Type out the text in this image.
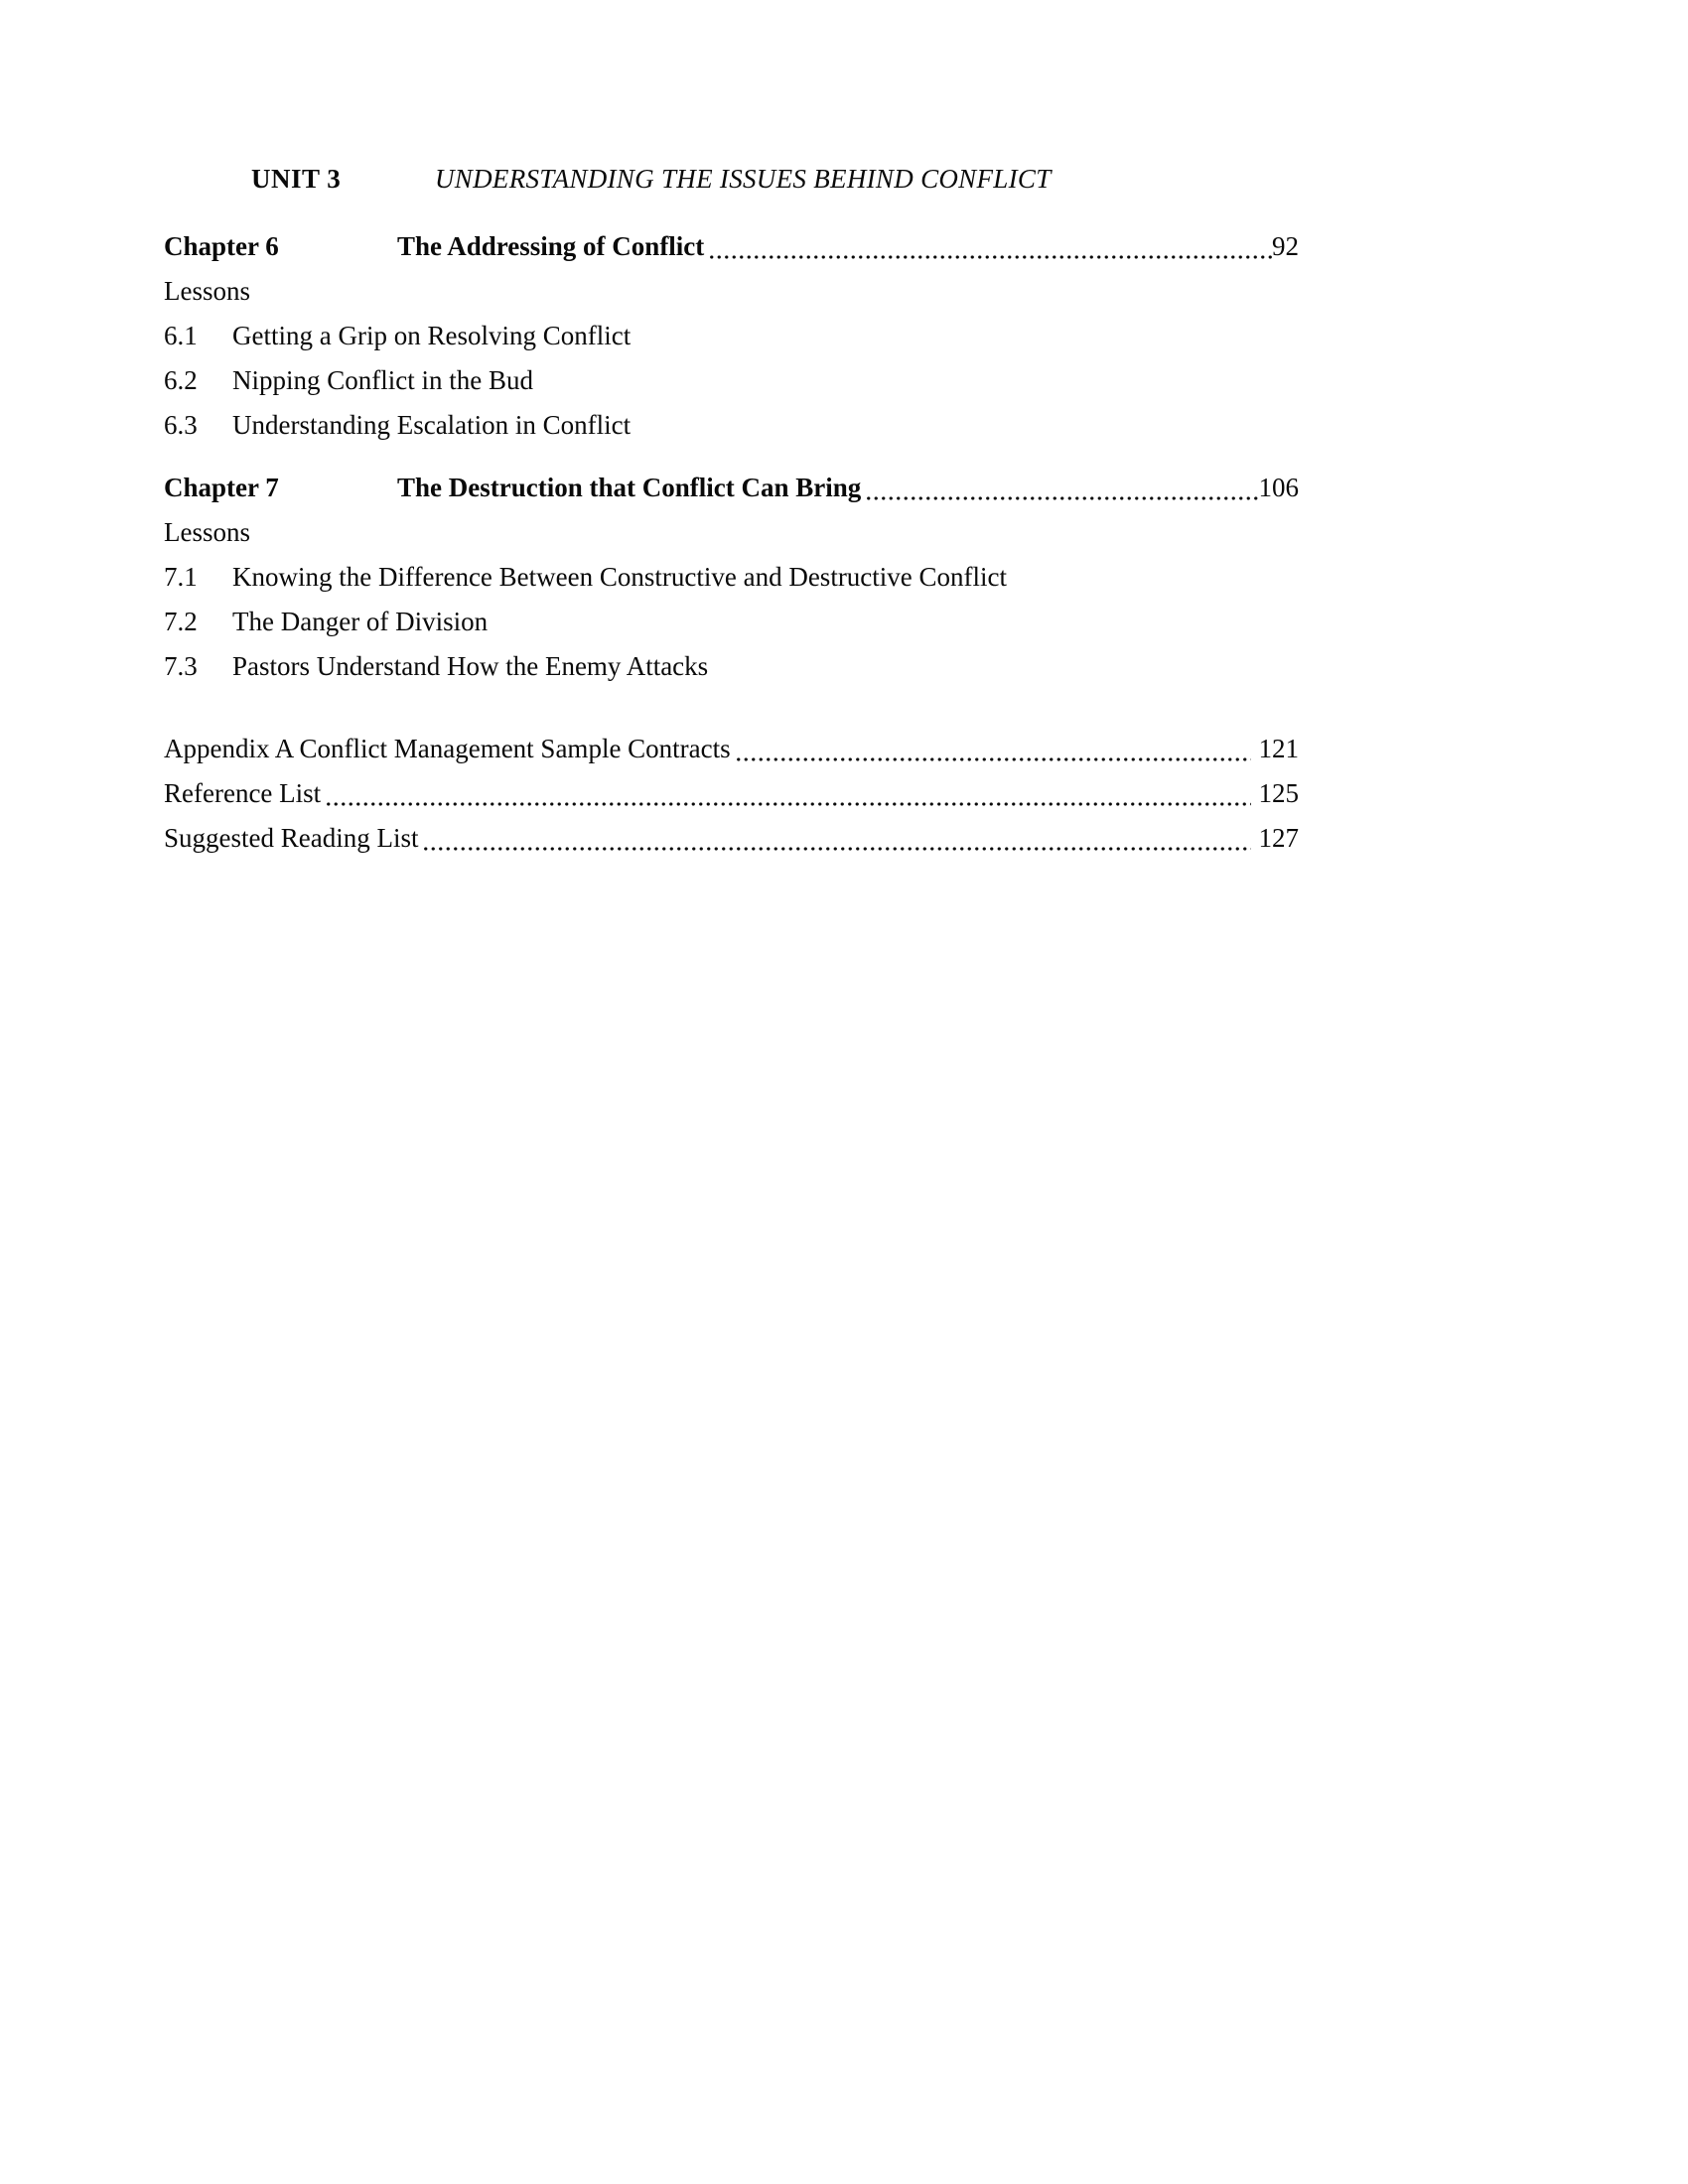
UNIT 3	UNDERSTANDING THE ISSUES BEHIND CONFLICT
Chapter 6	The Addressing of Conflict	92
Lessons
6.1	Getting a Grip on Resolving Conflict
6.2	Nipping Conflict in the Bud
6.3	Understanding Escalation in Conflict
Chapter 7	The Destruction that Conflict Can Bring	106
Lessons
7.1	Knowing the Difference Between Constructive and Destructive Conflict
7.2	The Danger of Division
7.3	Pastors Understand How the Enemy Attacks
Appendix A Conflict Management Sample Contracts	121
Reference List	125
Suggested Reading List	127
